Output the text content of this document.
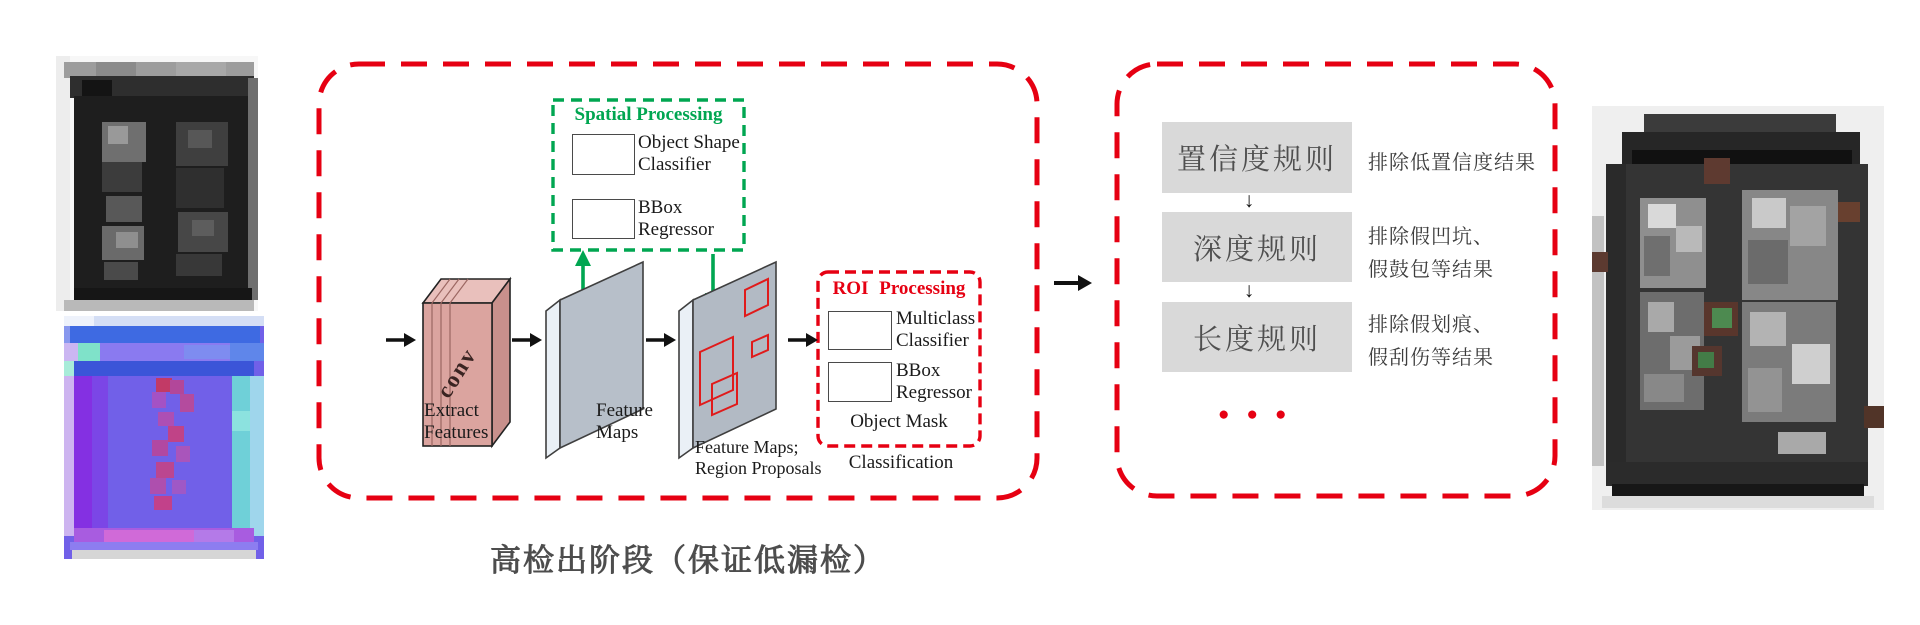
Spatial Processing
Object Shape
Classifier
BBox
Regressor
conv
Extract
Features
Feature
Maps
Feature Maps;
Region Proposals
ROI Processing
Multiclass
Classifier
BBox
Regressor
Object Mask
Classification
高检出阶段（保证低漏检）
置信度规则 排除低置信度结果
↓
深度规则 排除假凹坑、
假鼓包等结果
↓
长度规则 排除假划痕、
假刮伤等结果
●●●
